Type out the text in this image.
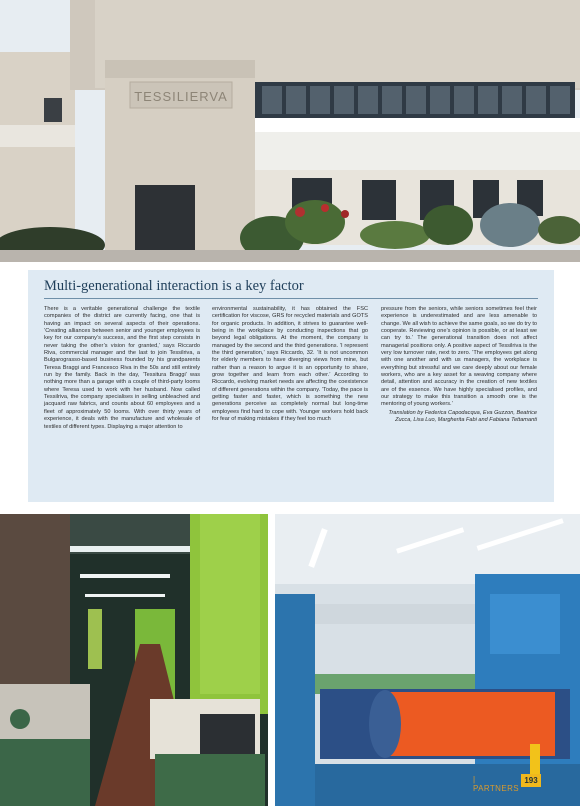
TESSILIERVA
Multi-generational interaction is a key factor

There is a veritable generational challenge the textile companies of the district are currently facing, one that is having an impact on several aspects of their operations. ‘Creating alliances between senior and younger employees is key for our company’s success, and the first step consists in never taking the other’s vision for granted,’ says Riccardo Riva, commercial manager and the last to join Tessilriva, a Bulgarograsso-based business founded by his grandparents Teresa Braggi and Francesco Riva in the 50s and still entirely run by the family. Back in the day, ‘Tessitura Braggi’ was nothing more than a garage with a couple of third-party looms where Teresa used to work with her husband. Now called Tessilriva, the company specialises in selling unbleached and jacquard raw fabrics, and counts about 60 employees and a fleet of approximately 50 looms. With over thirty years of experience, it deals with the manufacture and wholesale of textiles of different types. Displaying a major attention to

environmental sustainability, it has obtained the FSC certification for viscose, GRS for recycled materials and GOTS for organic products. In addition, it strives to guarantee well-being in the workplace by conducting inspections that go beyond legal obligations. At the moment, the company is managed by the second and the third generations. ‘I represent the third generation,’ says Riccardo, 32. ‘It is not uncommon for elderly members to have diverging views from mine, but rather than a reason to argue it is an opportunity to share, grow together and learn from each other.’ According to Riccardo, evolving market needs are affecting the coexistence of different generations within the company. ‘Today, the pace is getting faster and faster, which is something the new generations perceive as completely normal but long-time employees find hard to cope with. Younger workers hold back for fear of making mistakes if they feel too much

pressure from the seniors, while seniors sometimes feel their experience is underestimated and are less amenable to change. We all wish to achieve the same goals, so we do try to cooperate. Reviewing one’s opinion is possible, or at least we can try to.’ The generational transition does not affect managerial positions only. A positive aspect of Tessilriva is the very low turnover rate, next to zero. ‘The employees get along with one another and with us managers, the workplace is everything but stressful and we care deeply about our female workers, who are a key asset for a weaving company where detail, attention and accuracy in the creation of new textiles are of the essence. We have highly specialised profiles, and our strategy to make this transition a smooth one is the mentoring of young workers.’

Translation by Federica Capodacqua, Eva Guzzon, Beatrice Zucca, Lisa Luo, Margherita Fabi and Fabiana Tettamanti

| PARTNERS
193
